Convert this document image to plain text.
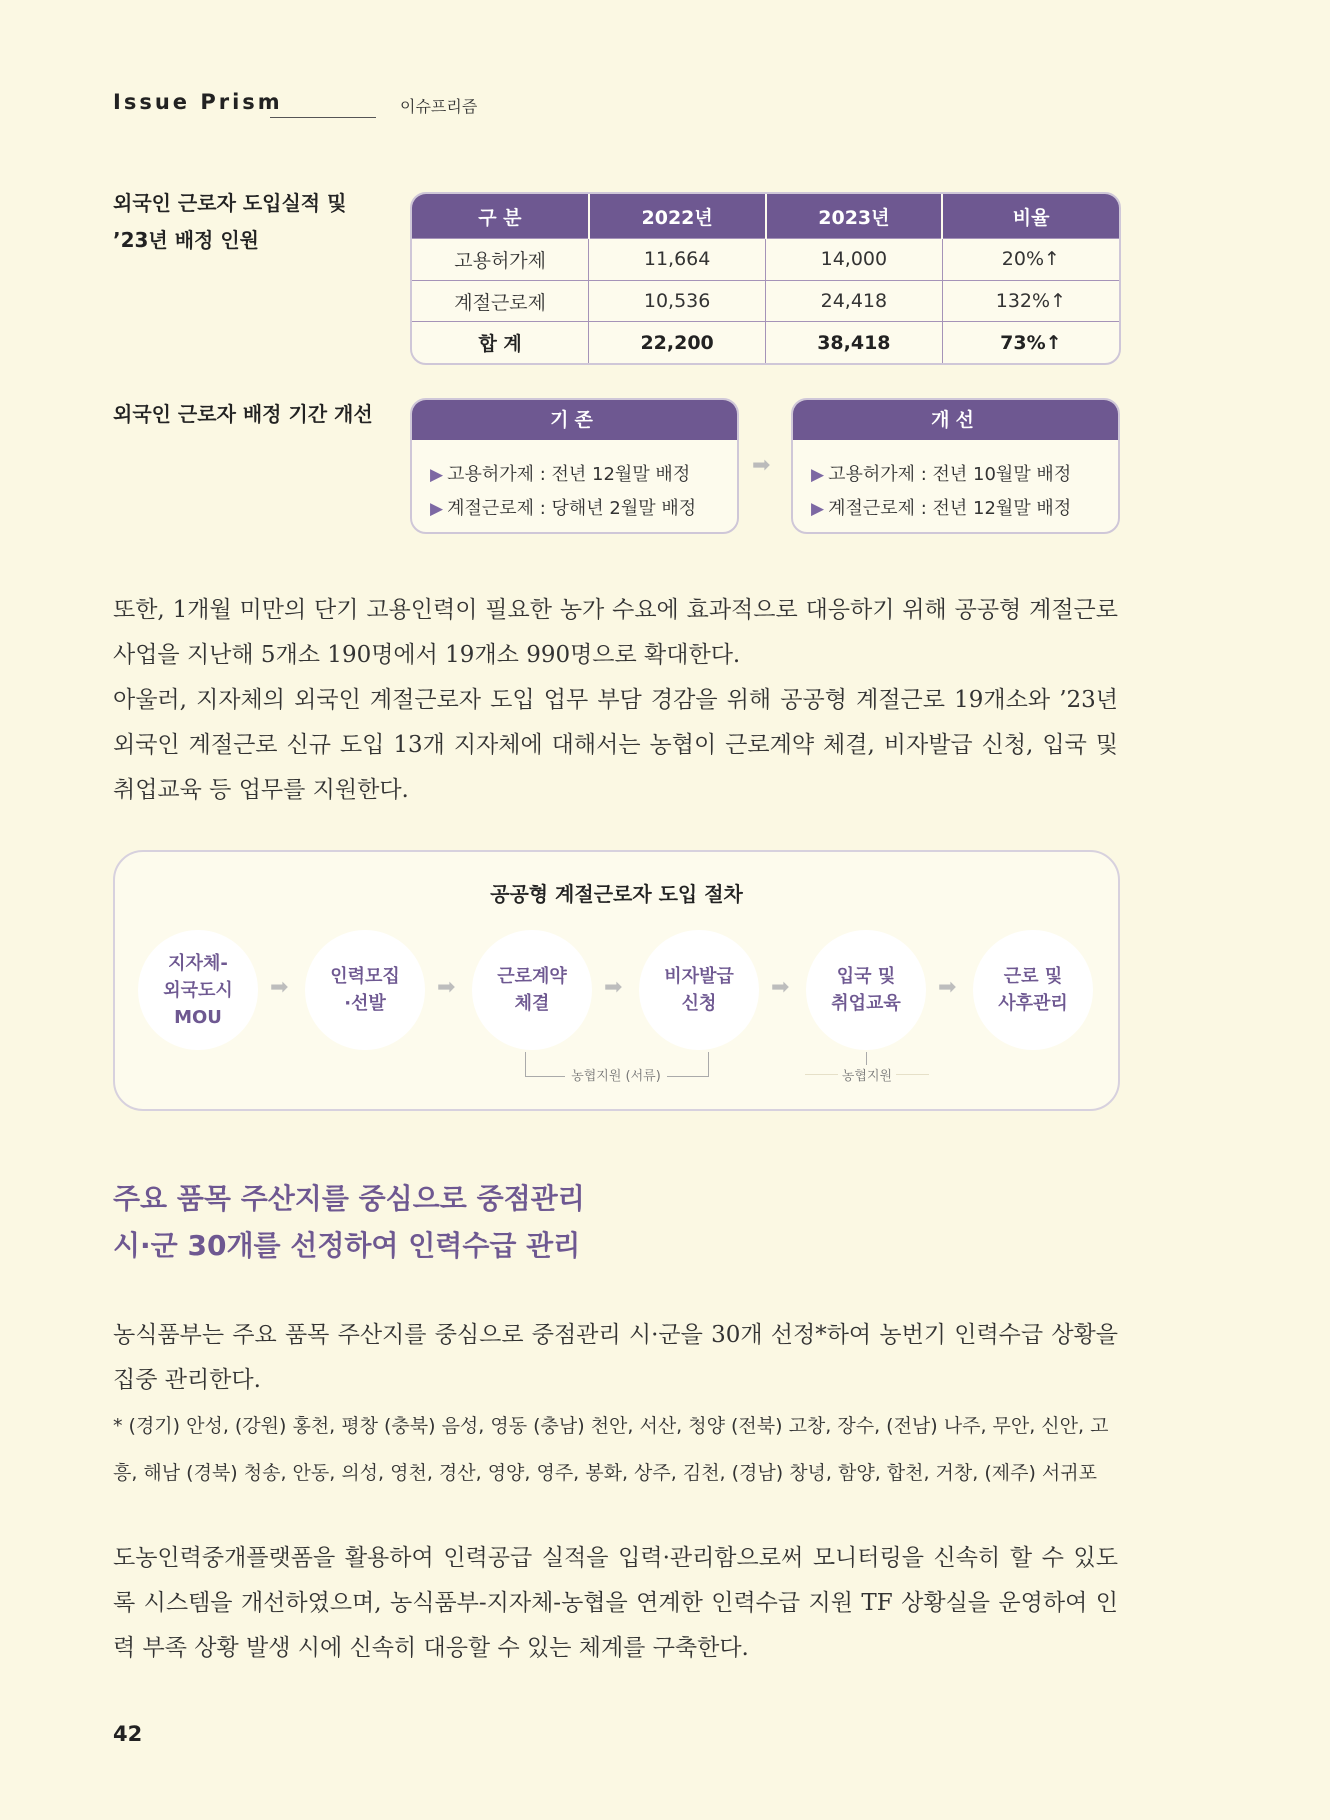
Issue Prism	이슈프리즘
외국인 근로자 도입실적 및
’23년 배정 인원
구 분	2022년	2023년	비율
고용허가제	11,664	14,000	20%↑
계절근로제	10,536	24,418	132%↑
합 계	22,200	38,418	73%↑
외국인 근로자 배정 기간 개선	기존
▶ 고용허가제 : 전년 12월말 배정
▶ 계절근로제 : 당해년 2월말 배정
➡
개선
▶ 고용허가제 : 전년 10월말 배정
▶ 계절근로제 : 전년 12월말 배정

또한, 1개월 미만의 단기 고용인력이 필요한 농가 수요에 효과적으로 대응하기 위해 공공형 계절근로 사업을 지난해 5개소 190명에서 19개소 990명으로 확대한다.

아울러, 지자체의 외국인 계절근로자 도입 업무 부담 경감을 위해 공공형 계절근로 19개소와 ’23년 외국인 계절근로 신규 도입 13개 지자체에 대해서는 농협이 근로계약 체결, 비자발급 신청, 입국 및 취업교육 등 업무를 지원한다.

공공형 계절근로자 도입 절차
지자체-
외국도시
MOU
➡ 인력모집
·선발
➡ 근로계약
체결
➡ 비자발급
신청
➡	입국 및
취업교육
➡	근로 및
사후관리
농협지원 (서류)	농협지원
주요 품목 주산지를 중심으로 중점관리
시·군 30개를 선정하여 인력수급 관리

농식품부는 주요 품목 주산지를 중심으로 중점관리 시·군을 30개 선정*하여 농번기 인력수급 상황을 집중 관리한다.

* (경기) 안성, (강원) 홍천, 평창 (충북) 음성, 영동 (충남) 천안, 서산, 청양 (전북) 고창, 장수, (전남) 나주, 무안, 신안, 고흥, 해남 (경북) 청송, 안동, 의성, 영천, 경산, 영양, 영주, 봉화, 상주, 김천, (경남) 창녕, 함양, 합천, 거창, (제주) 서귀포

도농인력중개플랫폼을 활용하여 인력공급 실적을 입력·관리함으로써 모니터링을 신속히 할 수 있도록 시스템을 개선하였으며, 농식품부-지자체-농협을 연계한 인력수급 지원 TF 상황실을 운영하여 인력 부족 상황 발생 시에 신속히 대응할 수 있는 체계를 구축한다.

42
